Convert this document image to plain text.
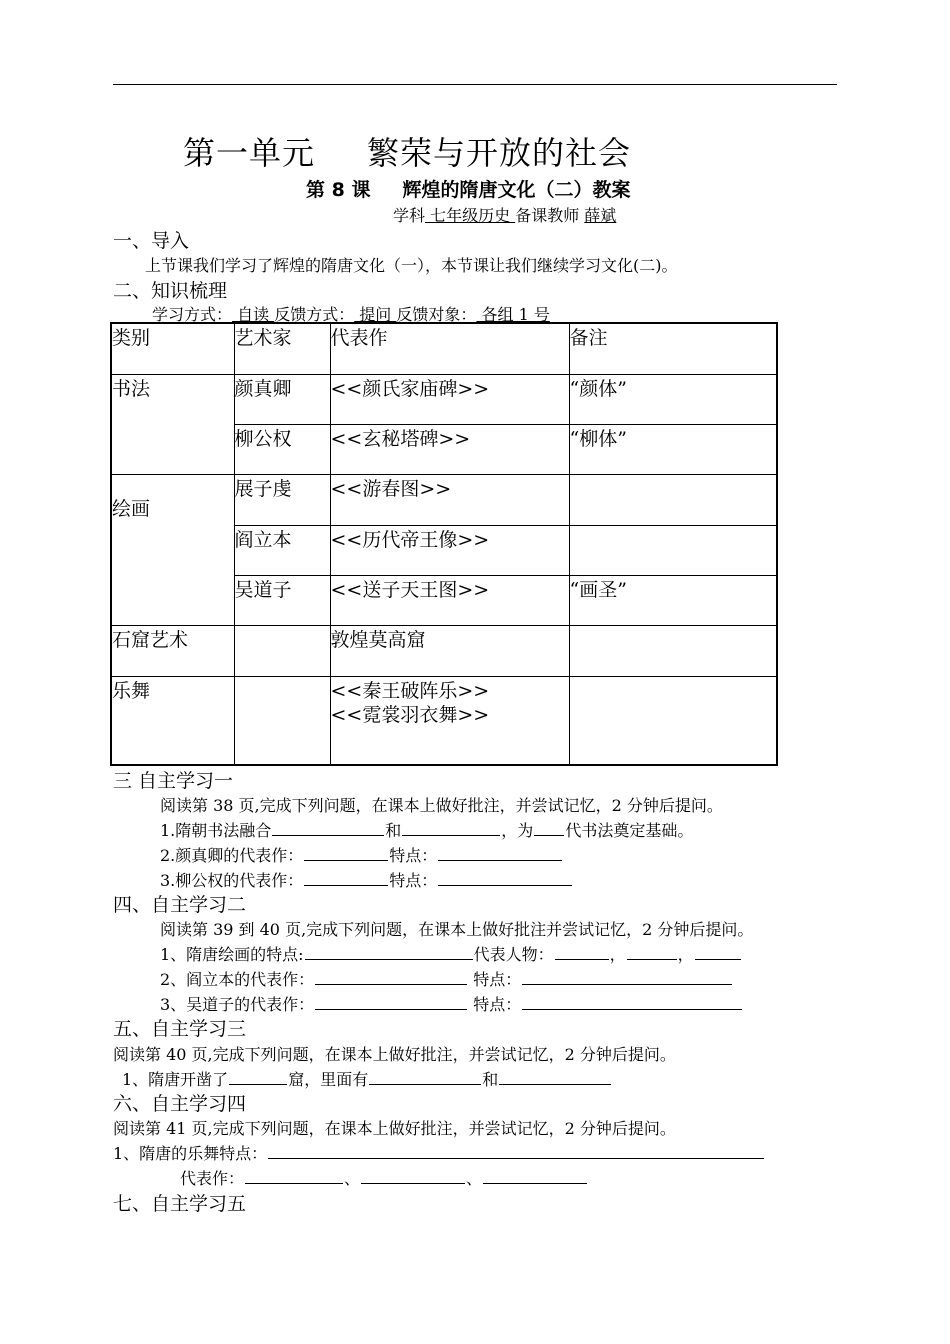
第一单元 繁荣与开放的社会
第 8 课 辉煌的隋唐文化（二）教案
学科 七年级历史 备课教师 薛斌
一、导入
上节课我们学习了辉煌的隋唐文化（一），本节课让我们继续学习文化(二)。
二、知识梳理
学习方式： 自读 反馈方式： 提问 反馈对象： 各组 1 号
类别	艺术家	代表作	备注
书法	颜真卿	<<颜氏家庙碑>>	“颜体”
	柳公权	<<玄秘塔碑>>	“柳体”
绘画	展子虔	<<游春图>>	
	阎立本	<<历代帝王像>>	
	吴道子	<<送子天王图>>	“画圣”
石窟艺术		敦煌莫高窟	
乐舞		<<秦王破阵乐>>
<<霓裳羽衣舞>>	

三 自主学习一
阅读第 38 页,完成下列问题，在课本上做好批注，并尝试记忆，2 分钟后提问。
1.隋朝书法融合	和	，为 代书法奠定基础。
2.颜真卿的代表作：	特点：
3.柳公权的代表作：	特点：
四、自主学习二
阅读第 39 到 40 页,完成下列问题，在课本上做好批注并尝试记忆，2 分钟后提问。
1、隋唐绘画的特点:	代表人物：	，	，
2、阎立本的代表作：	特点：
3、吴道子的代表作：	特点：
五、自主学习三
阅读第 40 页,完成下列问题，在课本上做好批注，并尝试记忆，2 分钟后提问。
1、隋唐开凿了	窟，里面有	和
六、自主学习四
阅读第 41 页,完成下列问题，在课本上做好批注，并尝试记忆，2 分钟后提问。
1、隋唐的乐舞特点：
代表作：	、	、
七、自主学习五
